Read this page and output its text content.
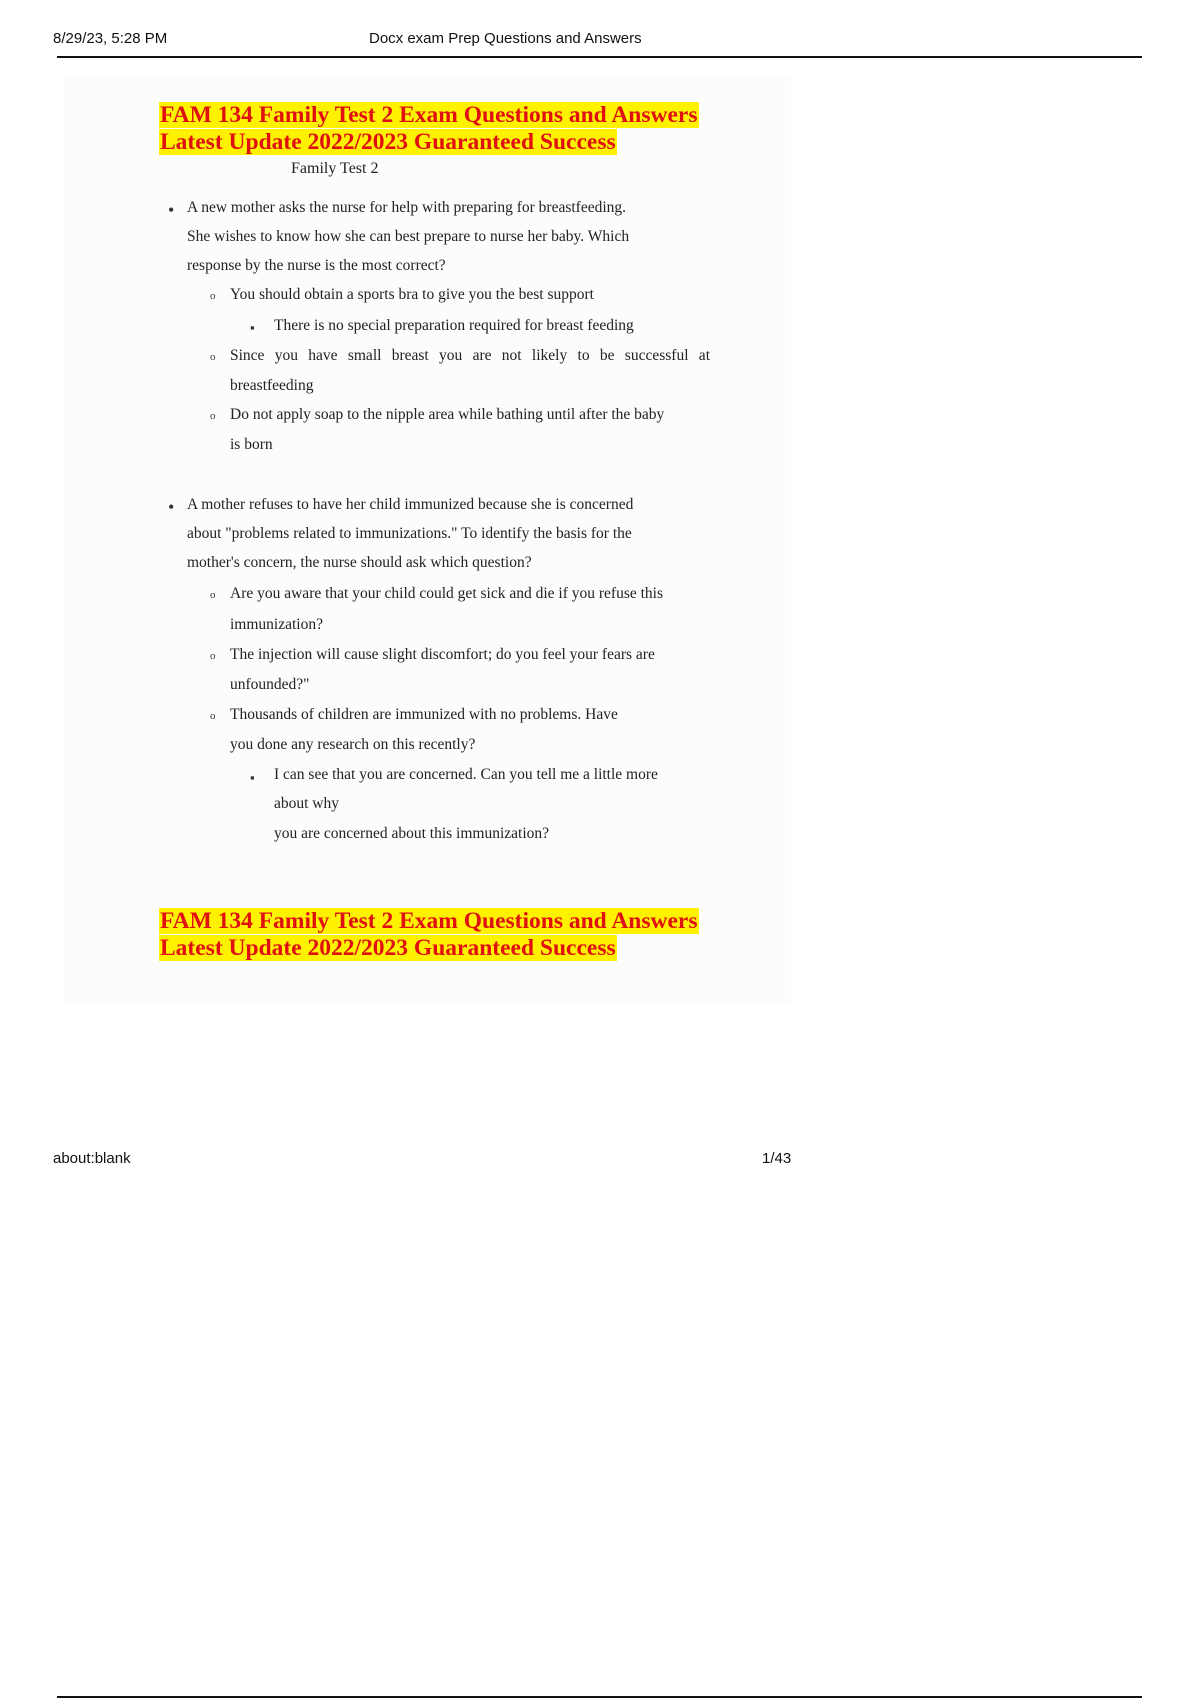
8/29/23, 5:28 PM	Docx exam Prep Questions and Answers
FAM 134 Family Test 2 Exam Questions and Answers
Latest Update 2022/2023 Guaranteed Success
Family Test 2
• A new mother asks the nurse for help with preparing for breastfeeding.
She wishes to know how she can best prepare to nurse her baby. Which
response by the nurse is the most correct?
o You should obtain a sports bra to give you the best support
▪ There is no special preparation required for breast feeding
o Since you have small breast you are not likely to be successful at
breastfeeding
o Do not apply soap to the nipple area while bathing until after the baby
is born
• A mother refuses to have her child immunized because she is concerned
about "problems related to immunizations." To identify the basis for the
mother's concern, the nurse should ask which question?
o Are you aware that your child could get sick and die if you refuse this
immunization?
o The injection will cause slight discomfort; do you feel your fears are
unfounded?"
o Thousands of children are immunized with no problems. Have
you done any research on this recently?
▪ I can see that you are concerned. Can you tell me a little more
about why
you are concerned about this immunization?
FAM 134 Family Test 2 Exam Questions and Answers
Latest Update 2022/2023 Guaranteed Success
about:blank	1/43
